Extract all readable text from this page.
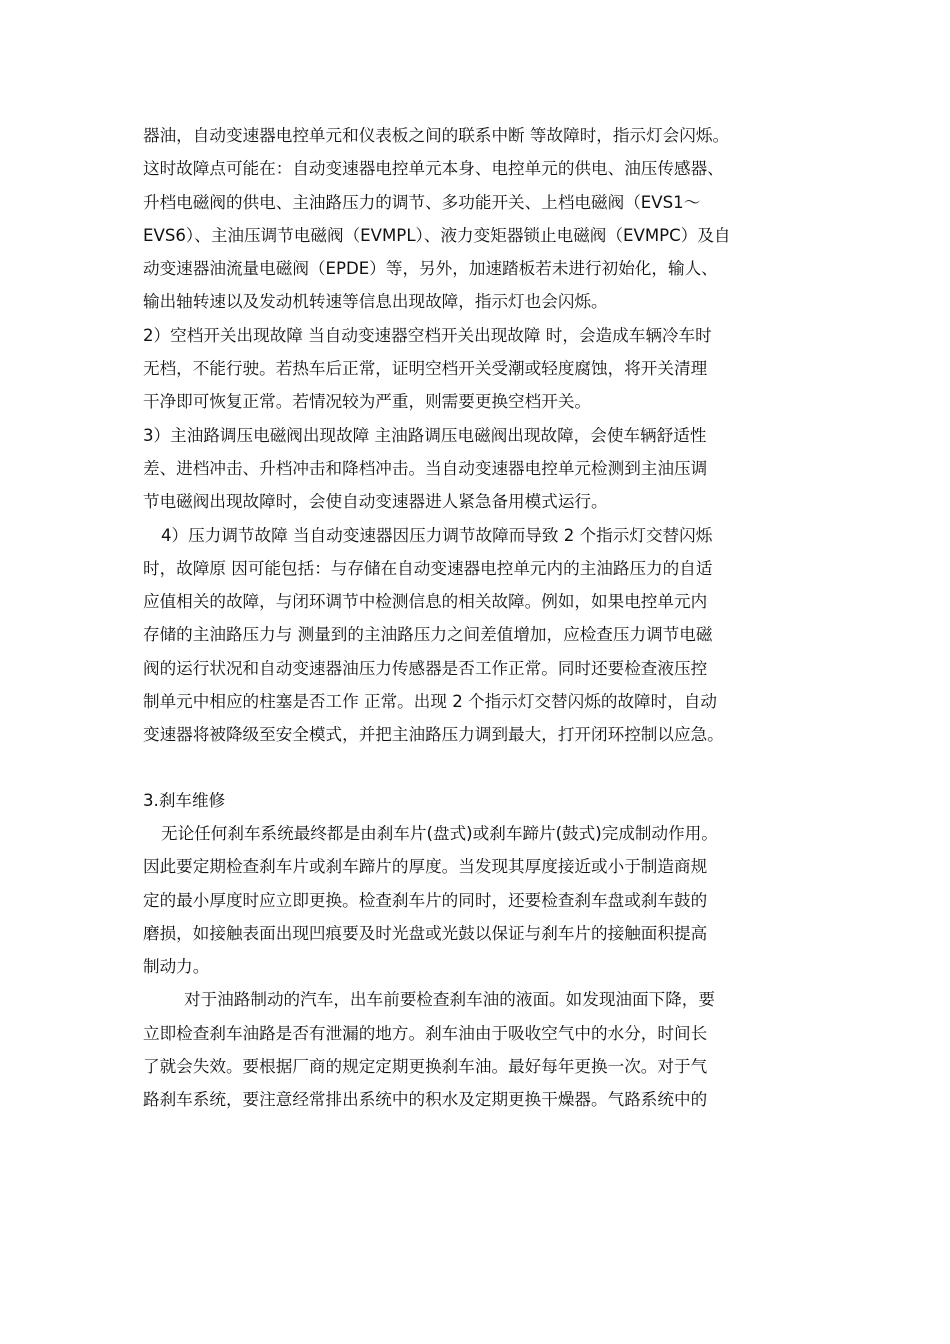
器油，自动变速器电控单元和仪表板之间的联系中断 等故障时，指示灯会闪烁。
这时故障点可能在：自动变速器电控单元本身、电控单元的供电、油压传感器、
升档电磁阀的供电、主油路压力的调节、多功能开关、上档电磁阀（EVS1～
EVS6）、主油压调节电磁阀（EVMPL）、液力变矩器锁止电磁阀（EVMPC）及自
动变速器油流量电磁阀（EPDE）等，另外，加速踏板若未进行初始化，输人、
输出轴转速以及发动机转速等信息出现故障，指示灯也会闪烁。
2）空档开关出现故障 当自动变速器空档开关出现故障 时，会造成车辆冷车时
无档，不能行驶。若热车后正常，证明空档开关受潮或轻度腐蚀，将开关清理
干净即可恢复正常。若情况较为严重，则需要更换空档开关。
3）主油路调压电磁阀出现故障 主油路调压电磁阀出现故障，会使车辆舒适性
差、进档冲击、升档冲击和降档冲击。当自动变速器电控单元检测到主油压调
节电磁阀出现故障时，会使自动变速器进人紧急备用模式运行。
4）压力调节故障 当自动变速器因压力调节故障而导致 2 个指示灯交替闪烁
时，故障原 因可能包括：与存储在自动变速器电控单元内的主油路压力的自适
应值相关的故障，与闭环调节中检测信息的相关故障。例如，如果电控单元内
存储的主油路压力与 测量到的主油路压力之间差值增加，应检查压力调节电磁
阀的运行状况和自动变速器油压力传感器是否工作正常。同时还要检查液压控
制单元中相应的柱塞是否工作 正常。出现 2 个指示灯交替闪烁的故障时，自动
变速器将被降级至安全模式，并把主油路压力调到最大，打开闭环控制以应急。
3.刹车维修
无论任何刹车系统最终都是由刹车片(盘式)或刹车蹄片(鼓式)完成制动作用。
因此要定期检查刹车片或刹车蹄片的厚度。当发现其厚度接近或小于制造商规
定的最小厚度时应立即更换。检查刹车片的同时，还要检查刹车盘或刹车鼓的
磨损，如接触表面出现凹痕要及时光盘或光鼓以保证与刹车片的接触面积提高
制动力。
对于油路制动的汽车，出车前要检查刹车油的液面。如发现油面下降，要
立即检查刹车油路是否有泄漏的地方。刹车油由于吸收空气中的水分，时间长
了就会失效。要根据厂商的规定定期更换刹车油。最好每年更换一次。对于气
路刹车系统，要注意经常排出系统中的积水及定期更换干燥器。气路系统中的
